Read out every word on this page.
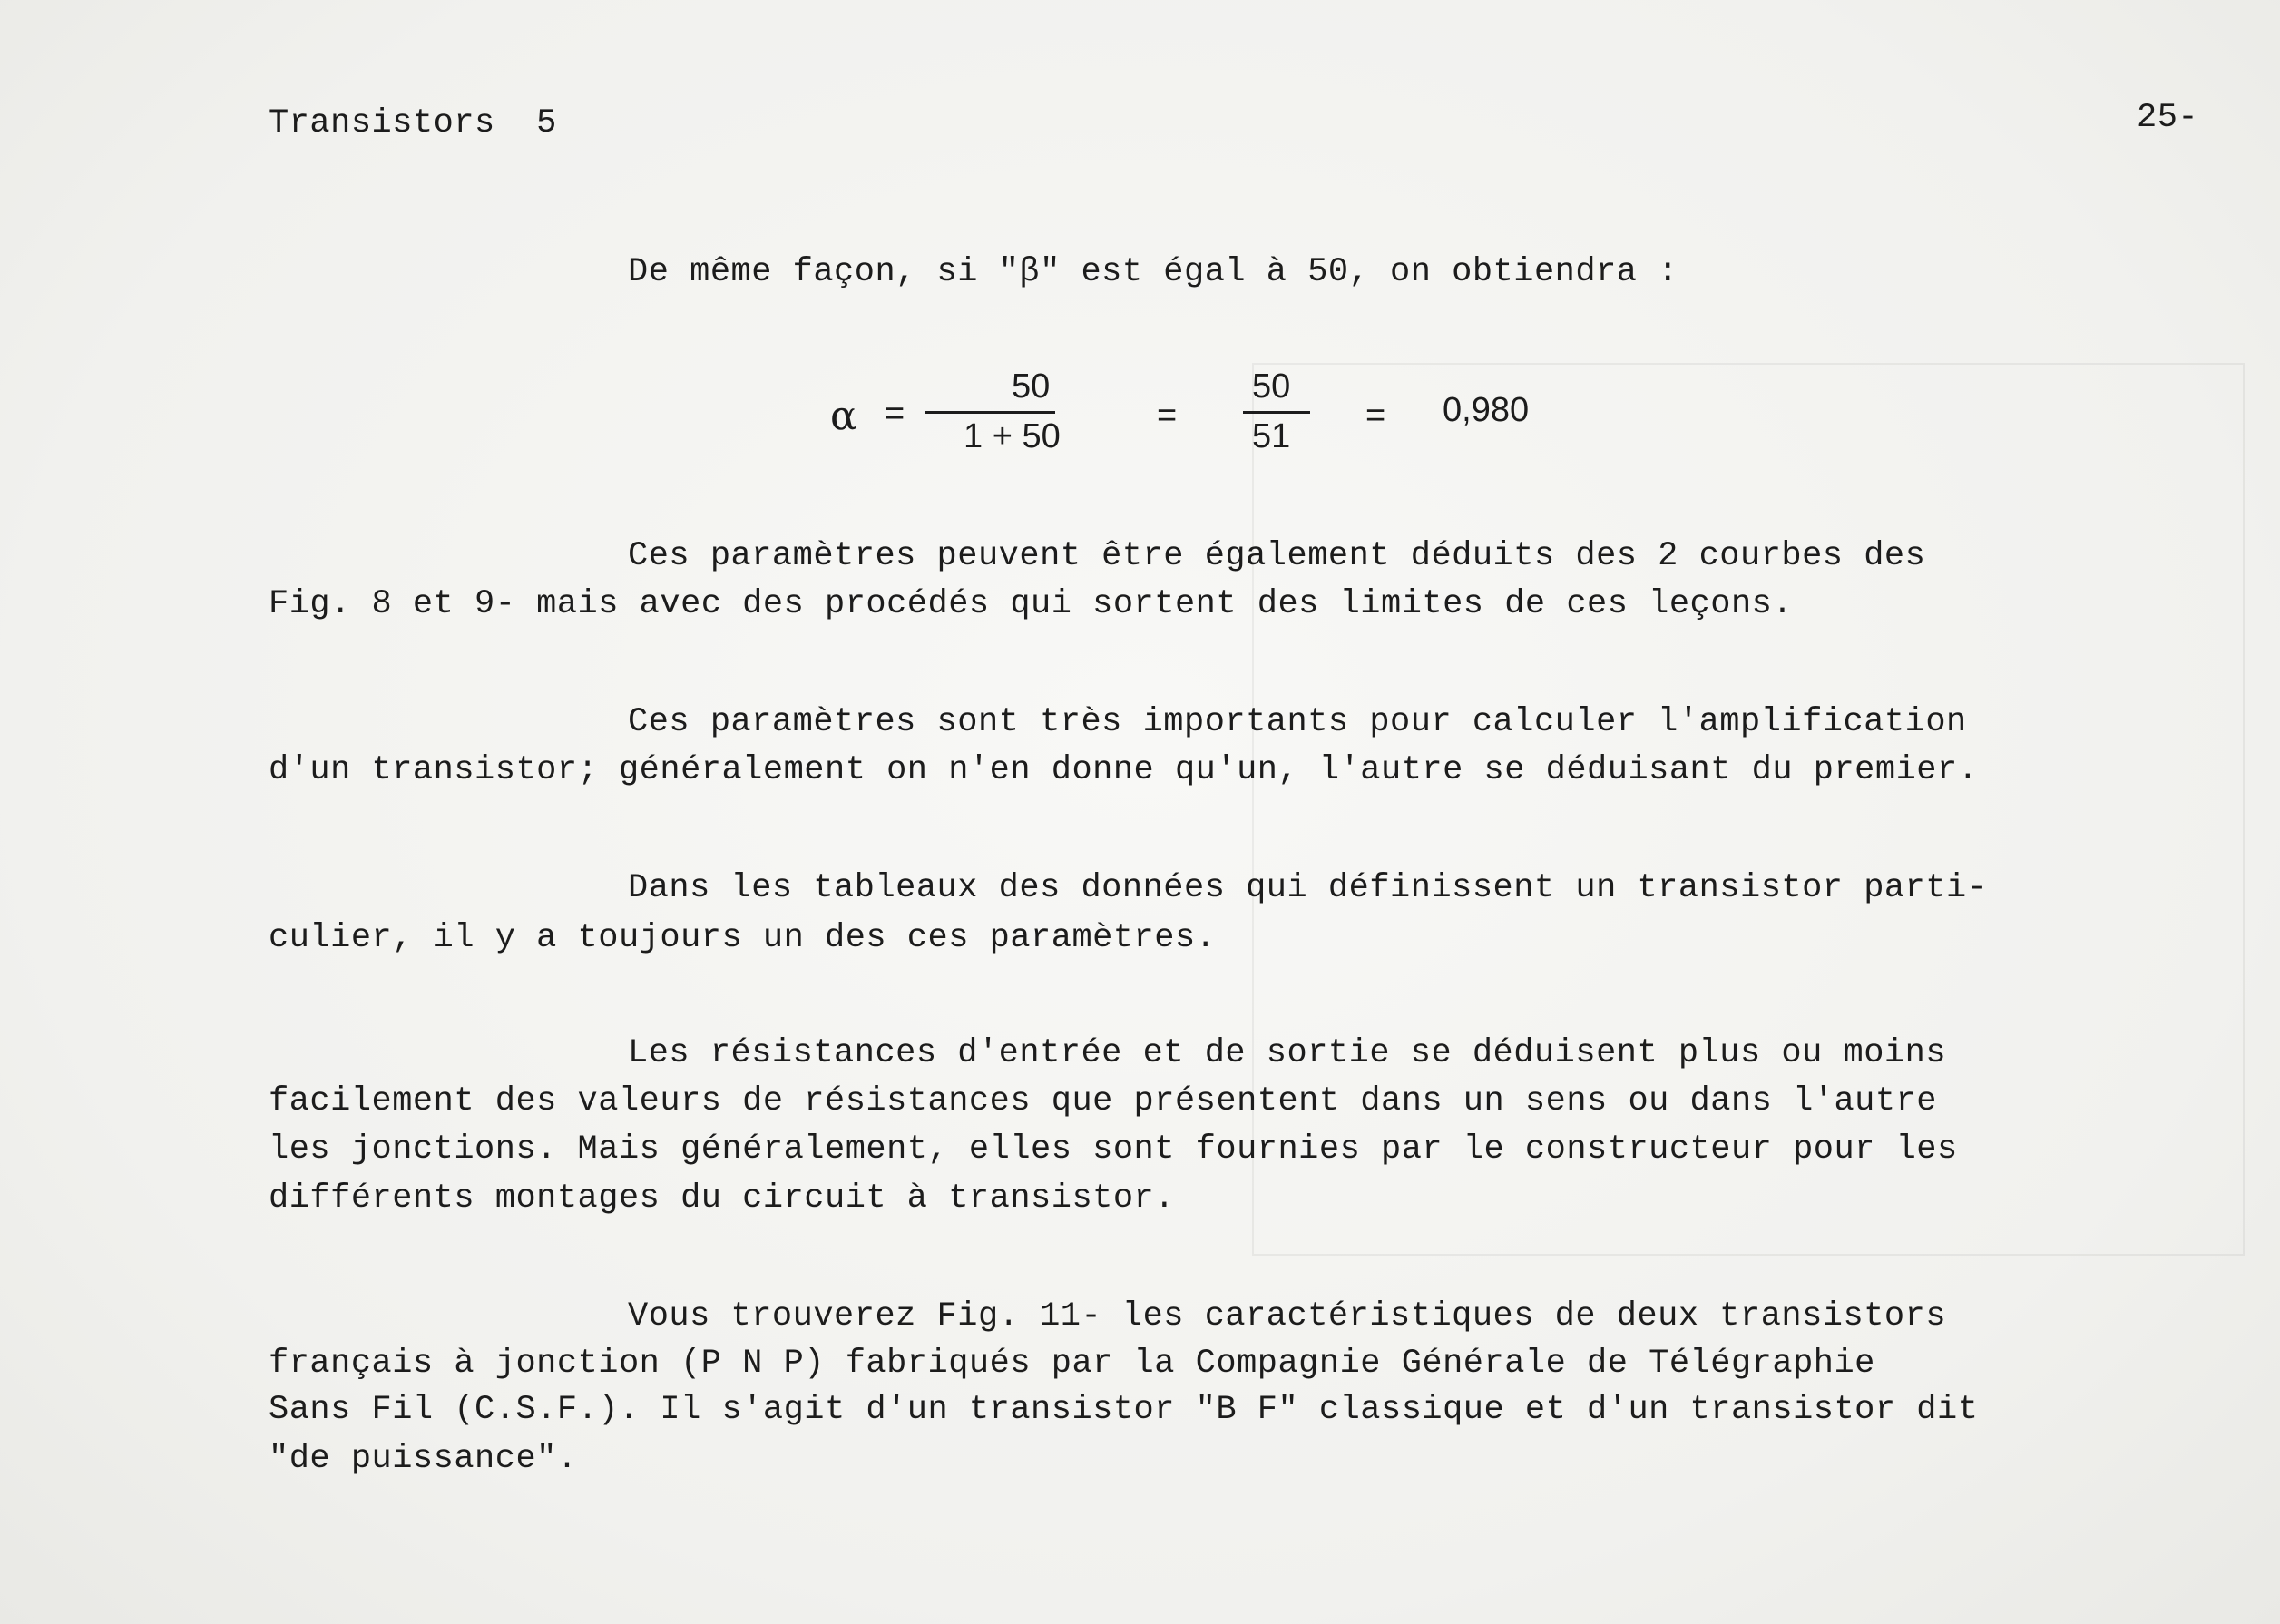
Transistors  5	25-
De même façon, si "β" est égal à 50, on obtiendra :
α =
50
1 + 50
=
50
51
= 0,980
Ces paramètres peuvent être également déduits des 2 courbes des
Fig. 8 et 9- mais avec des procédés qui sortent des limites de ces leçons.
Ces paramètres sont très importants pour calculer l'amplification
d'un transistor; généralement on n'en donne qu'un, l'autre se déduisant du premier.
Dans les tableaux des données qui définissent un transistor parti-
culier, il y a toujours un des ces paramètres.
Les résistances d'entrée et de sortie se déduisent plus ou moins
facilement des valeurs de résistances que présentent dans un sens ou dans l'autre
les jonctions. Mais généralement, elles sont fournies par le constructeur pour les
différents montages du circuit à transistor.
Vous trouverez Fig. 11- les caractéristiques de deux transistors
français à jonction (P N P) fabriqués par la Compagnie Générale de Télégraphie
Sans Fil (C.S.F.). Il s'agit d'un transistor "B F" classique et d'un transistor dit
"de puissance".
